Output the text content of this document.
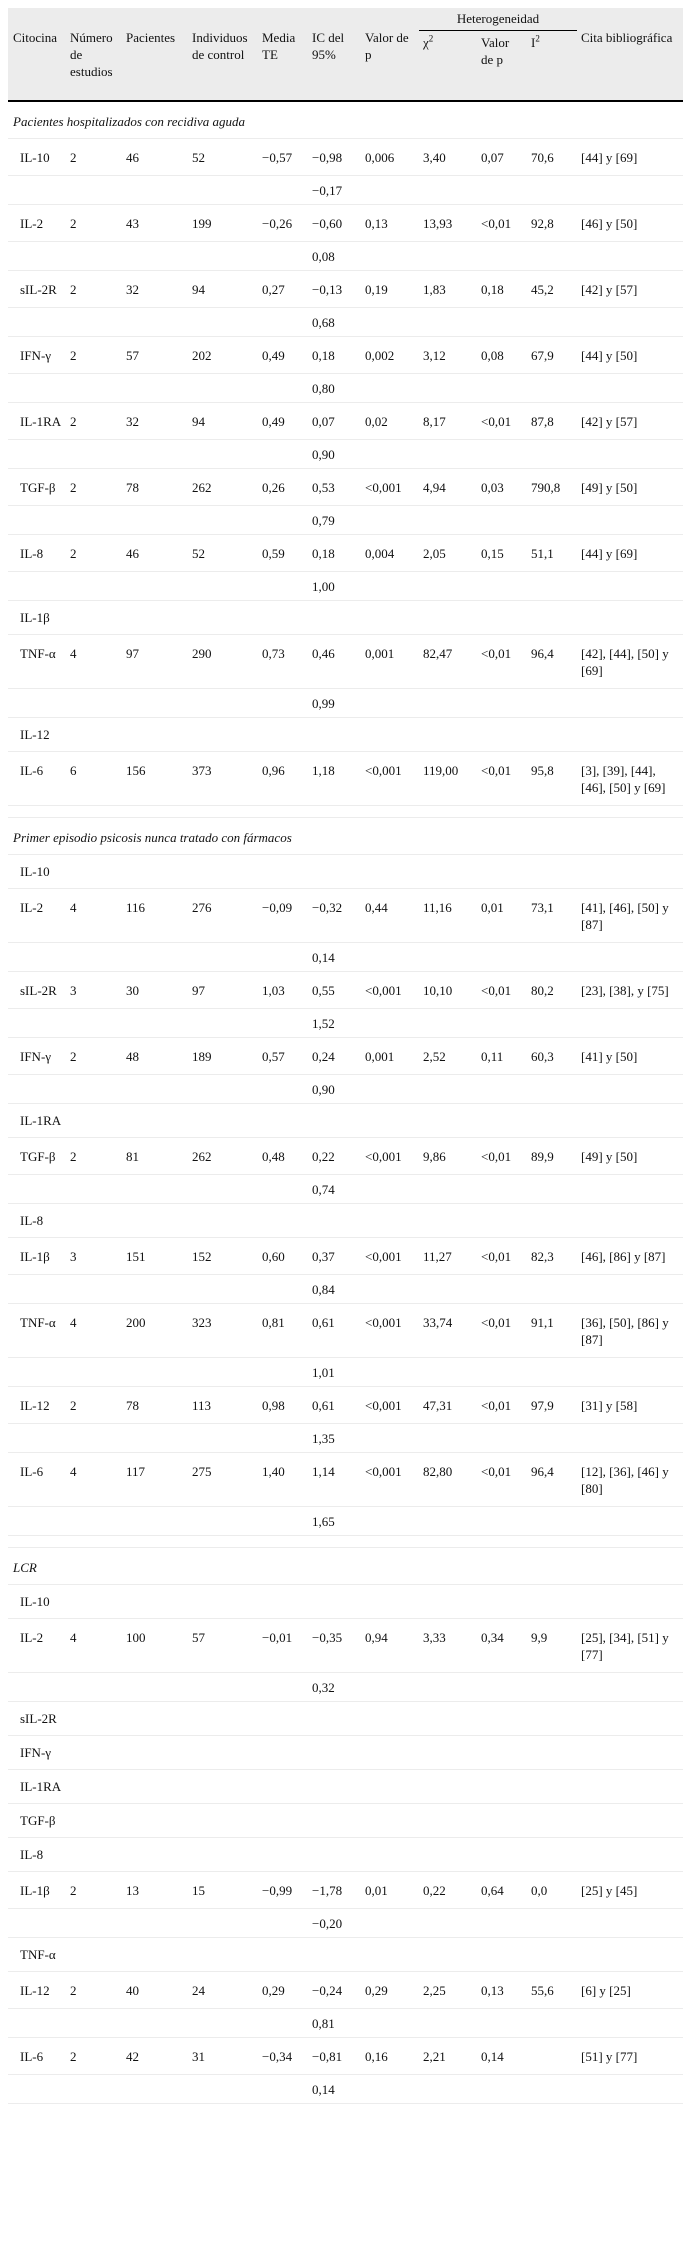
Citocina	Número de estudios	Pacientes	Individuos de control	Media TE	IC del 95%	Valor de p	Heterogeneidad			Cita bibliográfica
							$\chi^2$	Valor de p	$I^2$
Pacientes hospitalizados con recidiva aguda										
IL-10	2	46	52	−0,57	−0,98	0,006	3,40	0,07	70,6	[44] y [69]
					−0,17					
IL-2	2	43	199	−0,26	−0,60	0,13	13,93	<0,01	92,8	[46] y [50]
					0,08					
sIL-2R	2	32	94	0,27	−0,13	0,19	1,83	0,18	45,2	[42] y [57]
					0,68					
IFN-γ	2	57	202	0,49	0,18	0,002	3,12	0,08	67,9	[44] y [50]
					0,80					
IL-1RA	2	32	94	0,49	0,07	0,02	8,17	<0,01	87,8	[42] y [57]
					0,90					
TGF-β	2	78	262	0,26	0,53	<0,001	4,94	0,03	790,8	[49] y [50]
					0,79					
IL-8	2	46	52	0,59	0,18	0,004	2,05	0,15	51,1	[44] y [69]
					1,00					
IL-1β										
TNF-α	4	97	290	0,73	0,46	0,001	82,47	<0,01	96,4	[42], [44], [50] y [69]
					0,99					
IL-12										
IL-6	6	156	373	0,96	1,18	<0,001	119,00	<0,01	95,8	[3], [39], [44], [46], [50] y [69]

Primer episodio psicosis nunca tratado con fármacos										
IL-10										
IL-2	4	116	276	−0,09	−0,32	0,44	11,16	0,01	73,1	[41], [46], [50] y [87]
					0,14					
sIL-2R	3	30	97	1,03	0,55	<0,001	10,10	<0,01	80,2	[23], [38], y [75]
					1,52					
IFN-γ	2	48	189	0,57	0,24	0,001	2,52	0,11	60,3	[41] y [50]
					0,90					
IL-1RA										
TGF-β	2	81	262	0,48	0,22	<0,001	9,86	<0,01	89,9	[49] y [50]
					0,74					
IL-8										
IL-1β	3	151	152	0,60	0,37	<0,001	11,27	<0,01	82,3	[46], [86] y [87]
					0,84					
TNF-α	4	200	323	0,81	0,61	<0,001	33,74	<0,01	91,1	[36], [50], [86] y [87]
					1,01					
IL-12	2	78	113	0,98	0,61	<0,001	47,31	<0,01	97,9	[31] y [58]
					1,35					
IL-6	4	117	275	1,40	1,14	<0,001	82,80	<0,01	96,4	[12], [36], [46] y [80]
					1,65					

LCR										
IL-10										
IL-2	4	100	57	−0,01	−0,35	0,94	3,33	0,34	9,9	[25], [34], [51] y [77]
					0,32					
sIL-2R										
IFN-γ										
IL-1RA										
TGF-β										
IL-8										
IL-1β	2	13	15	−0,99	−1,78	0,01	0,22	0,64	0,0	[25] y [45]
					−0,20					
TNF-α										
IL-12	2	40	24	0,29	−0,24	0,29	2,25	0,13	55,6	[6] y [25]
					0,81					
IL-6	2	42	31	−0,34	−0,81	0,16	2,21	0,14		[51] y [77]
					0,14					
